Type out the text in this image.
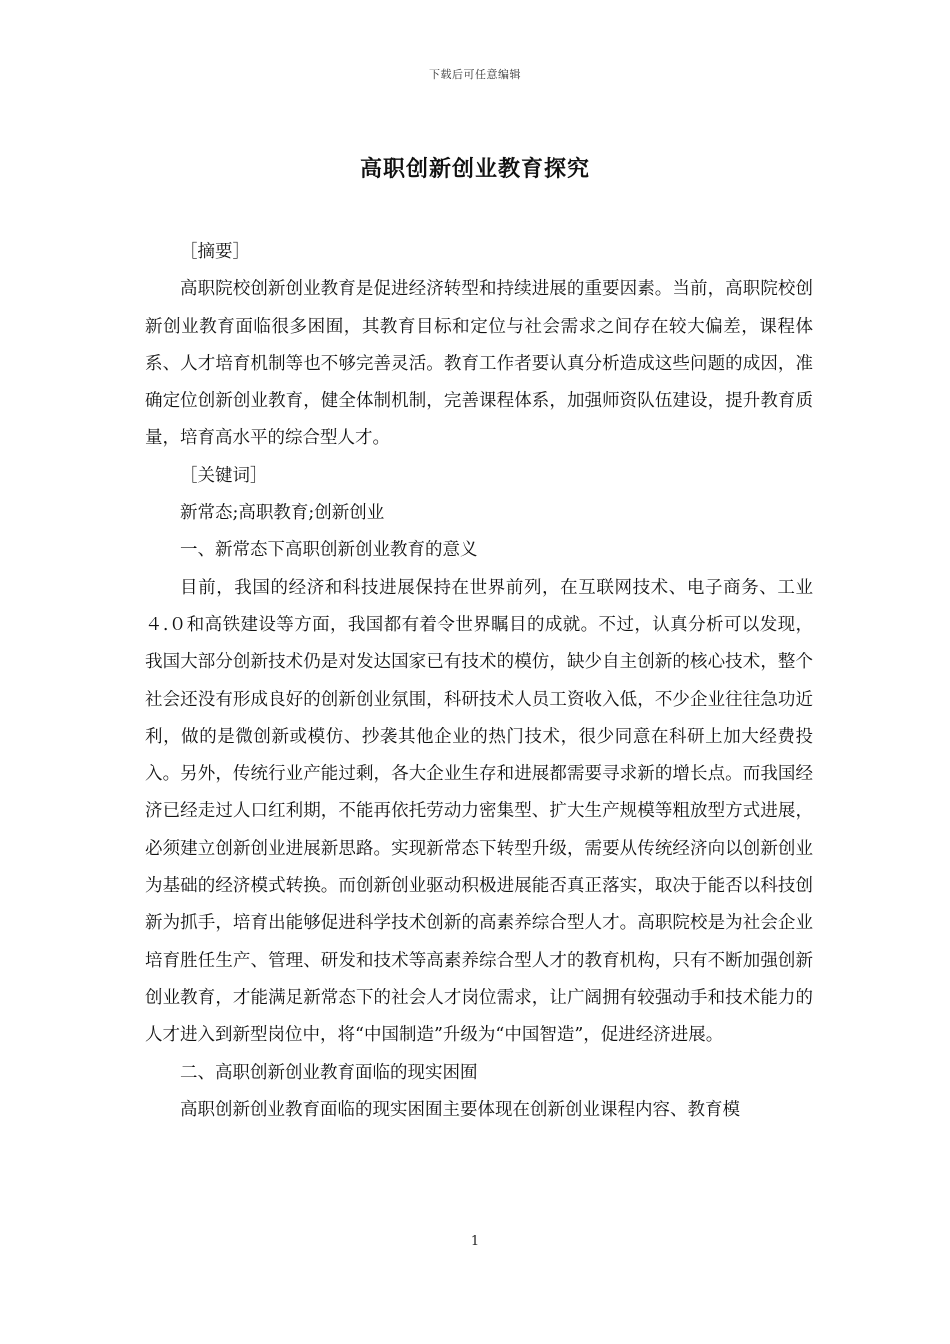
下载后可任意编辑
高职创新创业教育探究

［摘要］

高职院校创新创业教育是促进经济转型和持续进展的重要因素。当前，高职院校创新创业教育面临很多困囿，其教育目标和定位与社会需求之间存在较大偏差，课程体系、人才培育机制等也不够完善灵活。教育工作者要认真分析造成这些问题的成因，准确定位创新创业教育，健全体制机制，完善课程体系，加强师资队伍建设，提升教育质量，培育高水平的综合型人才。

［关键词］

新常态;高职教育;创新创业

一、新常态下高职创新创业教育的意义

目前，我国的经济和科技进展保持在世界前列，在互联网技术、电子商务、工业４.０和高铁建设等方面，我国都有着令世界瞩目的成就。不过，认真分析可以发现，我国大部分创新技术仍是对发达国家已有技术的模仿，缺少自主创新的核心技术，整个社会还没有形成良好的创新创业氛围，科研技术人员工资收入低，不少企业往往急功近利，做的是微创新或模仿、抄袭其他企业的热门技术，很少同意在科研上加大经费投入。另外，传统行业产能过剩，各大企业生存和进展都需要寻求新的增长点。而我国经济已经走过人口红利期，不能再依托劳动力密集型、扩大生产规模等粗放型方式进展，必须建立创新创业进展新思路。实现新常态下转型升级，需要从传统经济向以创新创业为基础的经济模式转换。而创新创业驱动积极进展能否真正落实，取决于能否以科技创新为抓手，培育出能够促进科学技术创新的高素养综合型人才。高职院校是为社会企业培育胜任生产、管理、研发和技术等高素养综合型人才的教育机构，只有不断加强创新创业教育，才能满足新常态下的社会人才岗位需求，让广阔拥有较强动手和技术能力的人才进入到新型岗位中，将“中国制造”升级为“中国智造”，促进经济进展。

二、高职创新创业教育面临的现实困囿

高职创新创业教育面临的现实困囿主要体现在创新创业课程内容、教育模

1
